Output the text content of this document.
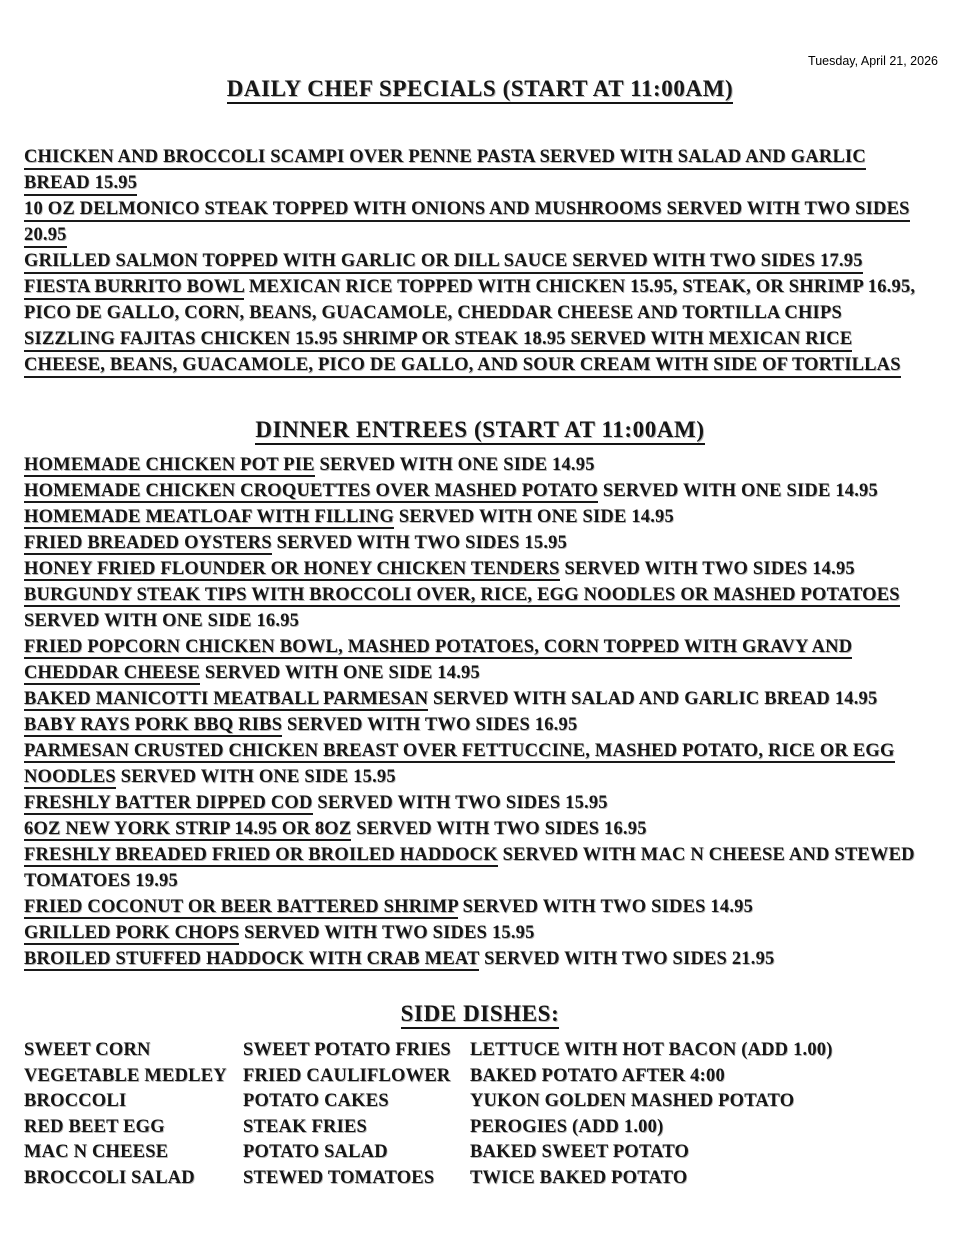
Tuesday, April 21, 2026
DAILY CHEF SPECIALS (START AT 11:00AM)
CHICKEN AND BROCCOLI SCAMPI OVER PENNE PASTA SERVED WITH SALAD AND GARLIC BREAD 15.95
10 OZ DELMONICO STEAK TOPPED WITH ONIONS AND MUSHROOMS SERVED WITH TWO SIDES 20.95
GRILLED SALMON TOPPED WITH GARLIC OR DILL SAUCE SERVED WITH TWO SIDES 17.95
FIESTA BURRITO BOWL MEXICAN RICE TOPPED WITH CHICKEN 15.95, STEAK, OR SHRIMP 16.95, PICO DE GALLO, CORN, BEANS, GUACAMOLE, CHEDDAR CHEESE AND TORTILLA CHIPS
SIZZLING FAJITAS CHICKEN 15.95 SHRIMP OR STEAK 18.95 SERVED WITH MEXICAN RICE CHEESE, BEANS, GUACAMOLE, PICO DE GALLO, AND SOUR CREAM WITH SIDE OF TORTILLAS
DINNER ENTREES (START AT 11:00AM)
HOMEMADE CHICKEN POT PIE SERVED WITH ONE SIDE 14.95
HOMEMADE CHICKEN CROQUETTES OVER MASHED POTATO SERVED WITH ONE SIDE 14.95
HOMEMADE MEATLOAF WITH FILLING SERVED WITH ONE SIDE 14.95
FRIED BREADED OYSTERS SERVED WITH TWO SIDES 15.95
HONEY FRIED FLOUNDER OR HONEY CHICKEN TENDERS SERVED WITH TWO SIDES 14.95
BURGUNDY STEAK TIPS WITH BROCCOLI OVER, RICE, EGG NOODLES OR MASHED POTATOES SERVED WITH ONE SIDE 16.95
FRIED POPCORN CHICKEN BOWL, MASHED POTATOES, CORN TOPPED WITH GRAVY AND CHEDDAR CHEESE SERVED WITH ONE SIDE 14.95
BAKED MANICOTTI MEATBALL PARMESAN SERVED WITH SALAD AND GARLIC BREAD 14.95
BABY RAYS PORK BBQ RIBS SERVED WITH TWO SIDES 16.95
PARMESAN CRUSTED CHICKEN BREAST OVER FETTUCCINE, MASHED POTATO, RICE OR EGG NOODLES SERVED WITH ONE SIDE 15.95
FRESHLY BATTER DIPPED COD SERVED WITH TWO SIDES 15.95
6OZ NEW YORK STRIP 14.95 OR 8OZ SERVED WITH TWO SIDES 16.95
FRESHLY BREADED FRIED OR BROILED HADDOCK SERVED WITH MAC N CHEESE AND STEWED TOMATOES 19.95
FRIED COCONUT OR BEER BATTERED SHRIMP SERVED WITH TWO SIDES 14.95
GRILLED PORK CHOPS SERVED WITH TWO SIDES 15.95
BROILED STUFFED HADDOCK WITH CRAB MEAT SERVED WITH TWO SIDES 21.95
SIDE DISHES:
SWEET CORN
VEGETABLE MEDLEY
BROCCOLI
RED BEET EGG
MAC N CHEESE
BROCCOLI SALAD
SWEET POTATO FRIES
FRIED CAULIFLOWER
POTATO CAKES
STEAK FRIES
POTATO SALAD
STEWED TOMATOES
LETTUCE WITH HOT BACON (ADD 1.00)
BAKED POTATO AFTER 4:00
YUKON GOLDEN MASHED POTATO
PEROGIES (ADD 1.00)
BAKED SWEET POTATO
TWICE BAKED POTATO
